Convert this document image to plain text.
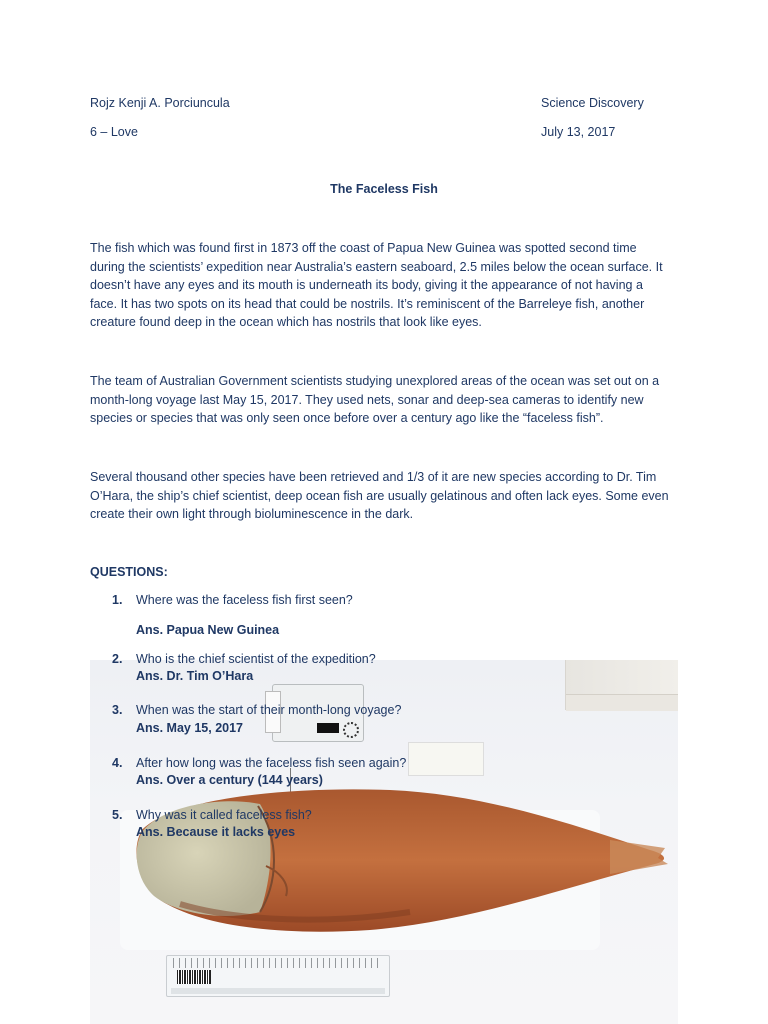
Rojz Kenji A. Porciuncula	Science Discovery
6 – Love	July 13, 2017
The Faceless Fish
The fish which was found first in 1873 off the coast of Papua New Guinea was spotted second time
during the scientists’ expedition near Australia’s eastern seaboard, 2.5 miles below the ocean surface. It
doesn’t have any eyes and its mouth is underneath its body, giving it the appearance of not having a
face. It has two spots on its head that could be nostrils. It’s reminiscent of the Barreleye fish, another
creature found deep in the ocean which has nostrils that look like eyes.
The team of Australian Government scientists studying unexplored areas of the ocean was set out on a
month-long voyage last May 15, 2017. They used nets, sonar and deep-sea cameras to identify new
species or species that was only seen once before over a century ago like the “faceless fish”.
Several thousand other species have been retrieved and 1/3 of it are new species according to Dr. Tim
O’Hara, the ship’s chief scientist, deep ocean fish are usually gelatinous and often lack eyes. Some even
create their own light through bioluminescence in the dark.
QUESTIONS:
1. Where was the faceless fish first seen?
Ans. Papua New Guinea
2. Who is the chief scientist of the expedition?
Ans. Dr. Tim O’Hara
3. When was the start of their month-long voyage?
Ans. May 15, 2017
4. After how long was the faceless fish seen again?
Ans. Over a century (144 years)
5. Why was it called faceless fish?
Ans. Because it lacks eyes
